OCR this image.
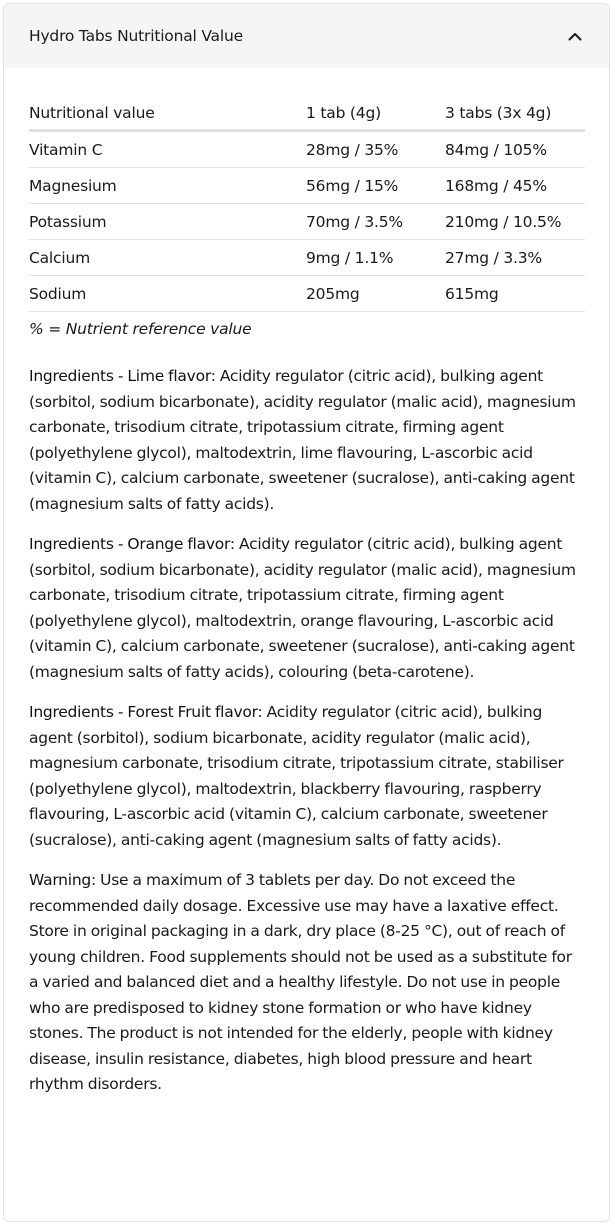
Hydro Tabs Nutritional Value
Nutritional value	1 tab (4g)	3 tabs (3x 4g)
Vitamin C	28mg / 35%	84mg / 105%
Magnesium	56mg / 15%	168mg / 45%
Potassium	70mg / 3.5%	210mg / 10.5%
Calcium	9mg / 1.1%	27mg / 3.3%
Sodium	205mg	615mg
% = Nutrient reference value

Ingredients - Lime flavor: Acidity regulator (citric acid), bulking agent (sorbitol, sodium bicarbonate), acidity regulator (malic acid), magnesium carbonate, trisodium citrate, tripotassium citrate, firming agent (polyethylene glycol), maltodextrin, lime flavouring, L-ascorbic acid (vitamin C), calcium carbonate, sweetener (sucralose), anti-caking agent (magnesium salts of fatty acids).

Ingredients - Orange flavor: Acidity regulator (citric acid), bulking agent (sorbitol, sodium bicarbonate), acidity regulator (malic acid), magnesium carbonate, trisodium citrate, tripotassium citrate, firming agent (polyethylene glycol), maltodextrin, orange flavouring, L-ascorbic acid (vitamin C), calcium carbonate, sweetener (sucralose), anti-caking agent (magnesium salts of fatty acids), colouring (beta-carotene).

Ingredients - Forest Fruit flavor: Acidity regulator (citric acid), bulking agent (sorbitol), sodium bicarbonate, acidity regulator (malic acid), magnesium carbonate, trisodium citrate, tripotassium citrate, stabiliser (polyethylene glycol), maltodextrin, blackberry flavouring, raspberry flavouring, L-ascorbic acid (vitamin C), calcium carbonate, sweetener (sucralose), anti-caking agent (magnesium salts of fatty acids).

Warning: Use a maximum of 3 tablets per day. Do not exceed the recommended daily dosage. Excessive use may have a laxative effect. Store in original packaging in a dark, dry place (8-25 °C), out of reach of young children. Food supplements should not be used as a substitute for a varied and balanced diet and a healthy lifestyle. Do not use in people who are predisposed to kidney stone formation or who have kidney stones. The product is not intended for the elderly, people with kidney disease, insulin resistance, diabetes, high blood pressure and heart rhythm disorders.
